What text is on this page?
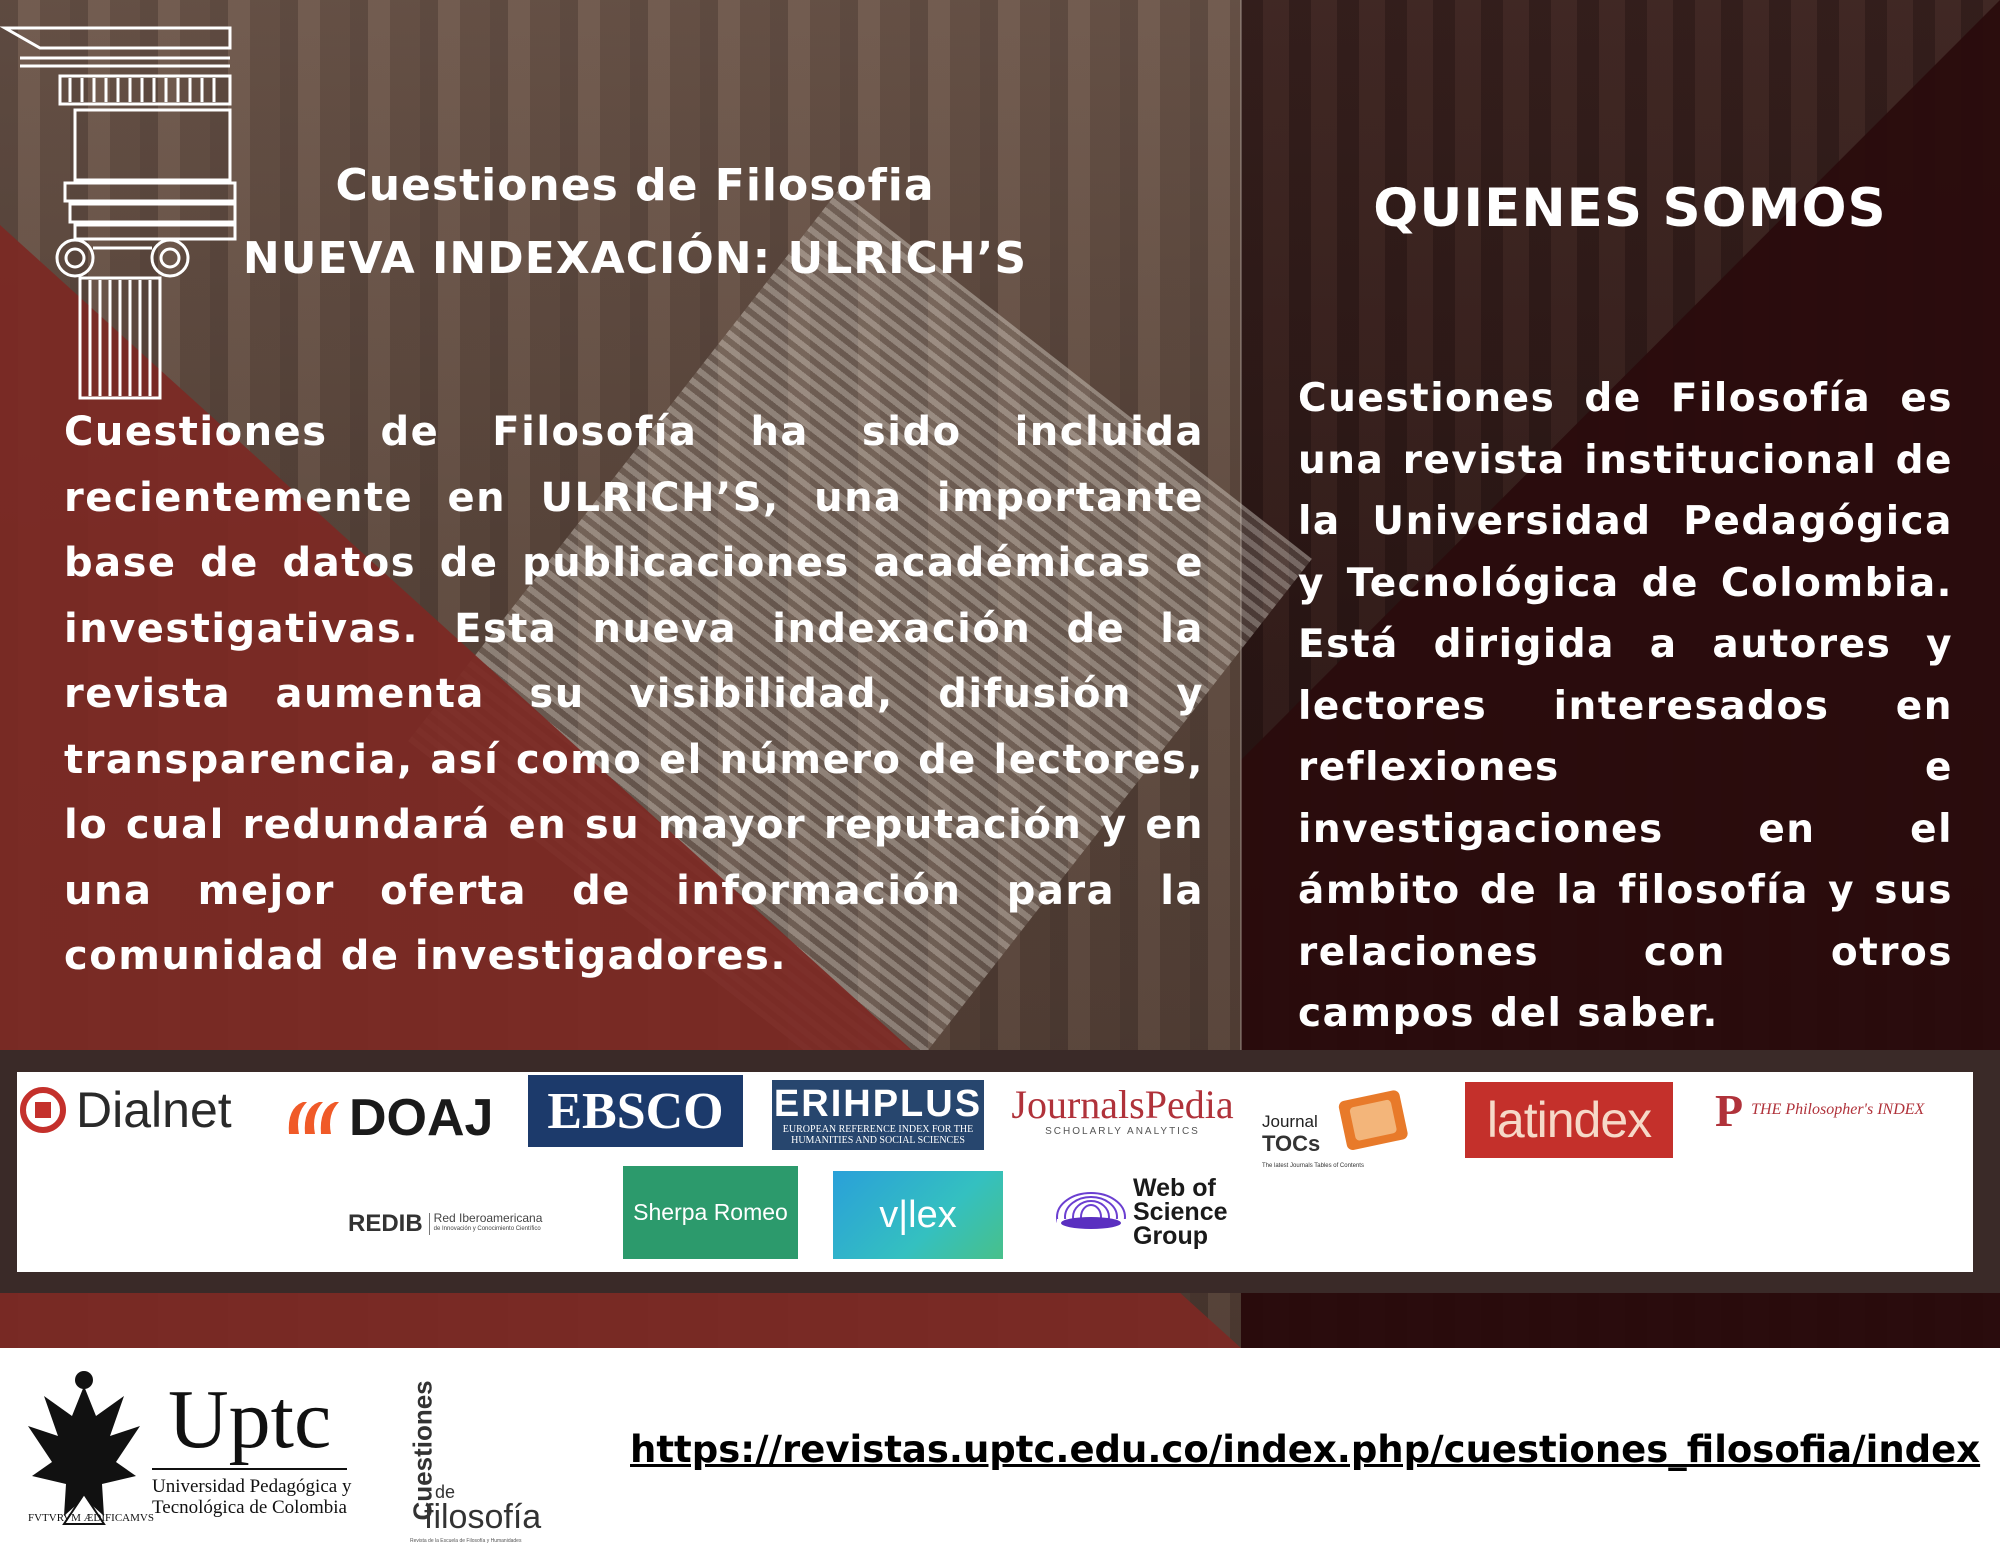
Cuestiones de Filosofia
NUEVA INDEXACIÓN: ULRICH’S
QUIENES SOMOS
Cuestiones de Filosofía ha sido incluida recientemente en ULRICH’S, una importante base de datos de publicaciones académicas e investigativas. Esta nueva indexación de la revista aumenta su visibilidad, difusión y transparencia, así como el número de lectores, lo cual redundará en su mayor reputación y en una mejor oferta de información para la comunidad de investigadores.
Cuestiones de Filosofía es una revista institucional de la Universidad Pedagógica y Tecnológica de Colombia. Está dirigida a autores y lectores interesados en reflexiones e investigaciones en el ámbito de la filosofía y sus relaciones con otros campos del saber.
Dialnet DOAJ EBSCO ERIHPLUS
EUROPEAN REFERENCE INDEX FOR THE
HUMANITIES AND SOCIAL SCIENCES
JournalsPedia
SCHOLARLY ANALYTICS	Journal
TOCs
The latest Journals Tables of Contents
latindex P THE Philosopher's INDEX
REDIB Red Iberoamericana
de Innovación y Conocimiento Científico
Sherpa Romeo v|lex
Web of
Science
Group
FVTVRVM ÆDIFICAMVS
Uptc
Universidad Pedagógica y
Tecnológica de Colombia Cuestiones
de
filosofía
Revista de la Escuela de Filosofía y Humanidades
https://revistas.uptc.edu.co/index.php/cuestiones_filosofia/index
